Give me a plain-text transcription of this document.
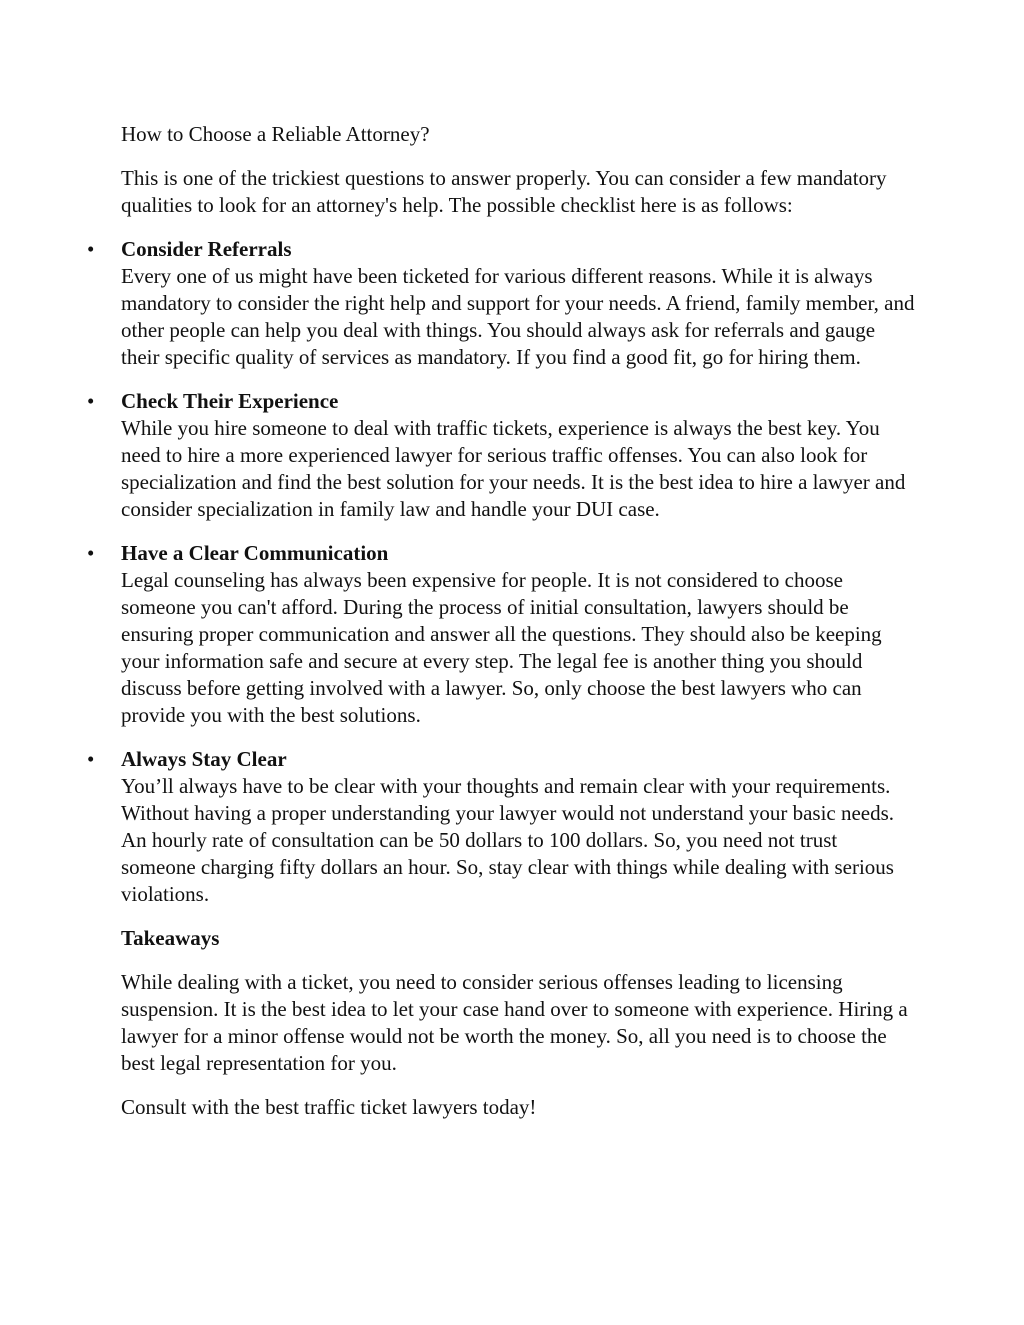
How to Choose a Reliable Attorney?

This is one of the trickiest questions to answer properly. You can consider a few mandatory qualities to look for an attorney's help. The possible checklist here is as follows:

• Consider Referrals
Every one of us might have been ticketed for various different reasons. While it is always mandatory to consider the right help and support for your needs. A friend, family member, and other people can help you deal with things. You should always ask for referrals and gauge their specific quality of services as mandatory. If you find a good fit, go for hiring them.
• Check Their Experience
While you hire someone to deal with traffic tickets, experience is always the best key. You need to hire a more experienced lawyer for serious traffic offenses. You can also look for specialization and find the best solution for your needs. It is the best idea to hire a lawyer and consider specialization in family law and handle your DUI case.
• Have a Clear Communication
Legal counseling has always been expensive for people. It is not considered to choose someone you can't afford. During the process of initial consultation, lawyers should be ensuring proper communication and answer all the questions. They should also be keeping your information safe and secure at every step. The legal fee is another thing you should discuss before getting involved with a lawyer. So, only choose the best lawyers who can provide you with the best solutions.
• Always Stay Clear
You’ll always have to be clear with your thoughts and remain clear with your requirements. Without having a proper understanding your lawyer would not understand your basic needs. An hourly rate of consultation can be 50 dollars to 100 dollars. So, you need not trust someone charging fifty dollars an hour. So, stay clear with things while dealing with serious violations.

Takeaways

While dealing with a ticket, you need to consider serious offenses leading to licensing suspension. It is the best idea to let your case hand over to someone with experience. Hiring a lawyer for a minor offense would not be worth the money. So, all you need is to choose the best legal representation for you.

Consult with the best traffic ticket lawyers today!
